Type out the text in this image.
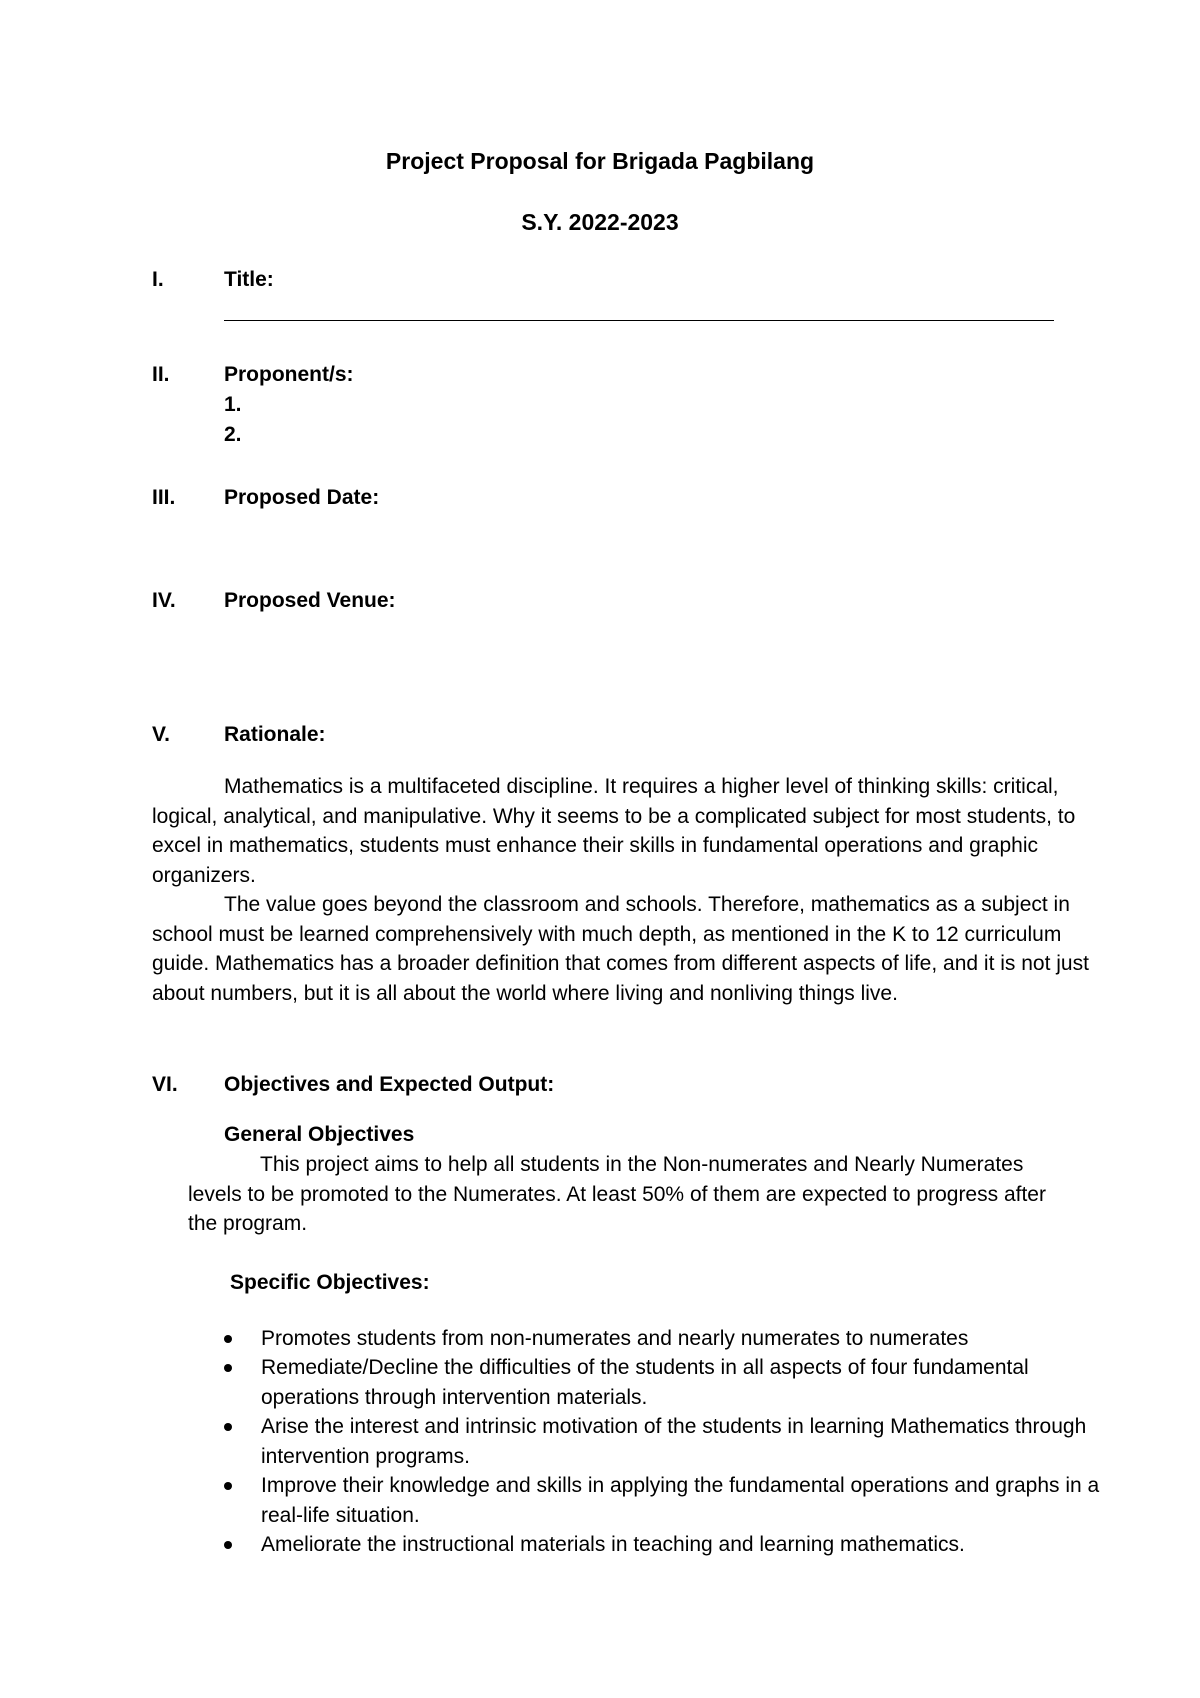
Project Proposal for Brigada Pagbilang
S.Y. 2022-2023
I.	Title:
II.	Proponent/s:
1.
2.
III. Proposed Date:
IV. Proposed Venue:
V.	Rationale:
Mathematics is a multifaceted discipline. It requires a higher level of thinking skills: critical, logical, analytical, and manipulative. Why it seems to be a complicated subject for most students, to excel in mathematics, students must enhance their skills in fundamental operations and graphic organizers.
The value goes beyond the classroom and schools. Therefore, mathematics as a subject in school must be learned comprehensively with much depth, as mentioned in the K to 12 curriculum guide. Mathematics has a broader definition that comes from different aspects of life, and it is not just about numbers, but it is all about the world where living and nonliving things live.
VI. Objectives and Expected Output:
General Objectives
This project aims to help all students in the Non-numerates and Nearly Numerates levels to be promoted to the Numerates. At least 50% of them are expected to progress after the program.
Specific Objectives:
Promotes students from non-numerates and nearly numerates to numerates
Remediate/Decline the difficulties of the students in all aspects of four fundamental operations through intervention materials.
Arise the interest and intrinsic motivation of the students in learning Mathematics through intervention programs.
Improve their knowledge and skills in applying the fundamental operations and graphs in a real-life situation.
Ameliorate the instructional materials in teaching and learning mathematics.
